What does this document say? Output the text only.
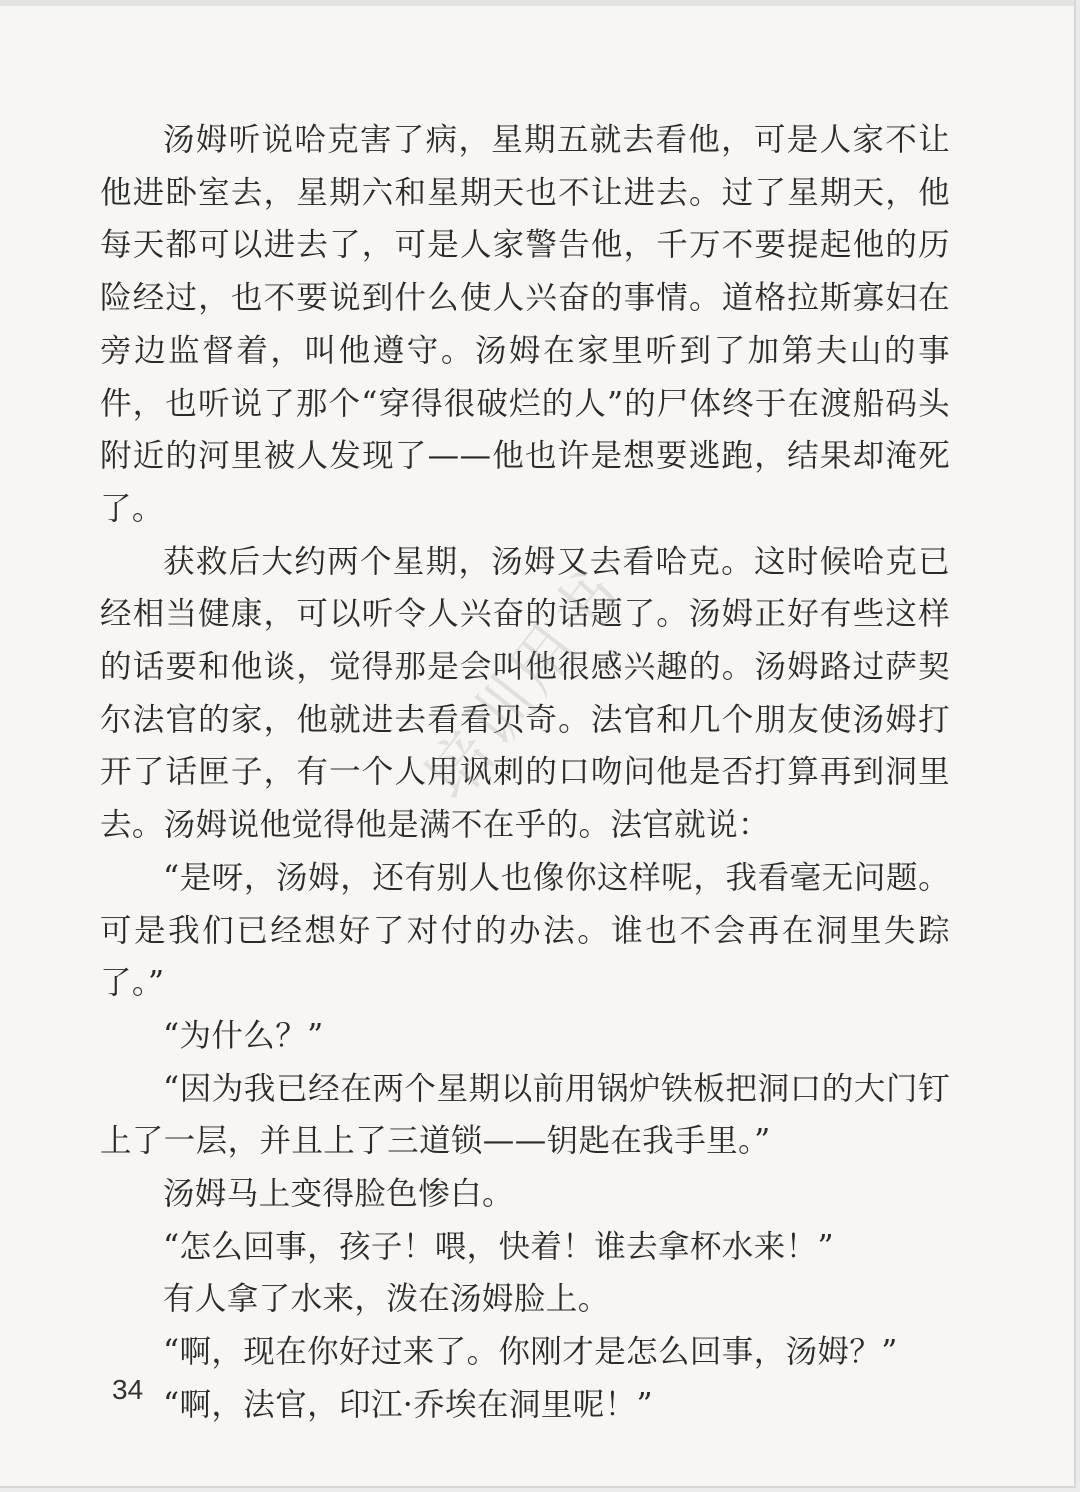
汤姆听说哈克害了病，星期五就去看他，可是人家不让他进卧室去，星期六和星期天也不让进去。过了星期天，他每天都可以进去了，可是人家警告他，千万不要提起他的历险经过，也不要说到什么使人兴奋的事情。道格拉斯寡妇在旁边监督着，叫他遵守。汤姆在家里听到了加第夫山的事件，也听说了那个“穿得很破烂的人”的尸体终于在渡船码头附近的河里被人发现了——他也许是想要逃跑，结果却淹死了。

获救后大约两个星期，汤姆又去看哈克。这时候哈克已经相当健康，可以听令人兴奋的话题了。汤姆正好有些这样的话要和他谈，觉得那是会叫他很感兴趣的。汤姆路过萨契尔法官的家，他就进去看看贝奇。法官和几个朋友使汤姆打开了话匣子，有一个人用讽刺的口吻问他是否打算再到洞里去。汤姆说他觉得他是满不在乎的。法官就说：

“是呀，汤姆，还有别人也像你这样呢，我看毫无问题。可是我们已经想好了对付的办法。谁也不会再在洞里失踪了。”

“为什么？”

“因为我已经在两个星期以前用锅炉铁板把洞口的大门钉上了一层，并且上了三道锁——钥匙在我手里。”

汤姆马上变得脸色惨白。

“怎么回事，孩子！喂，快着！谁去拿杯水来！”

有人拿了水来，泼在汤姆脸上。

“啊，现在你好过来了。你刚才是怎么回事，汤姆？”

“啊，法官，印江·乔埃在洞里呢！”

培训用书
34
